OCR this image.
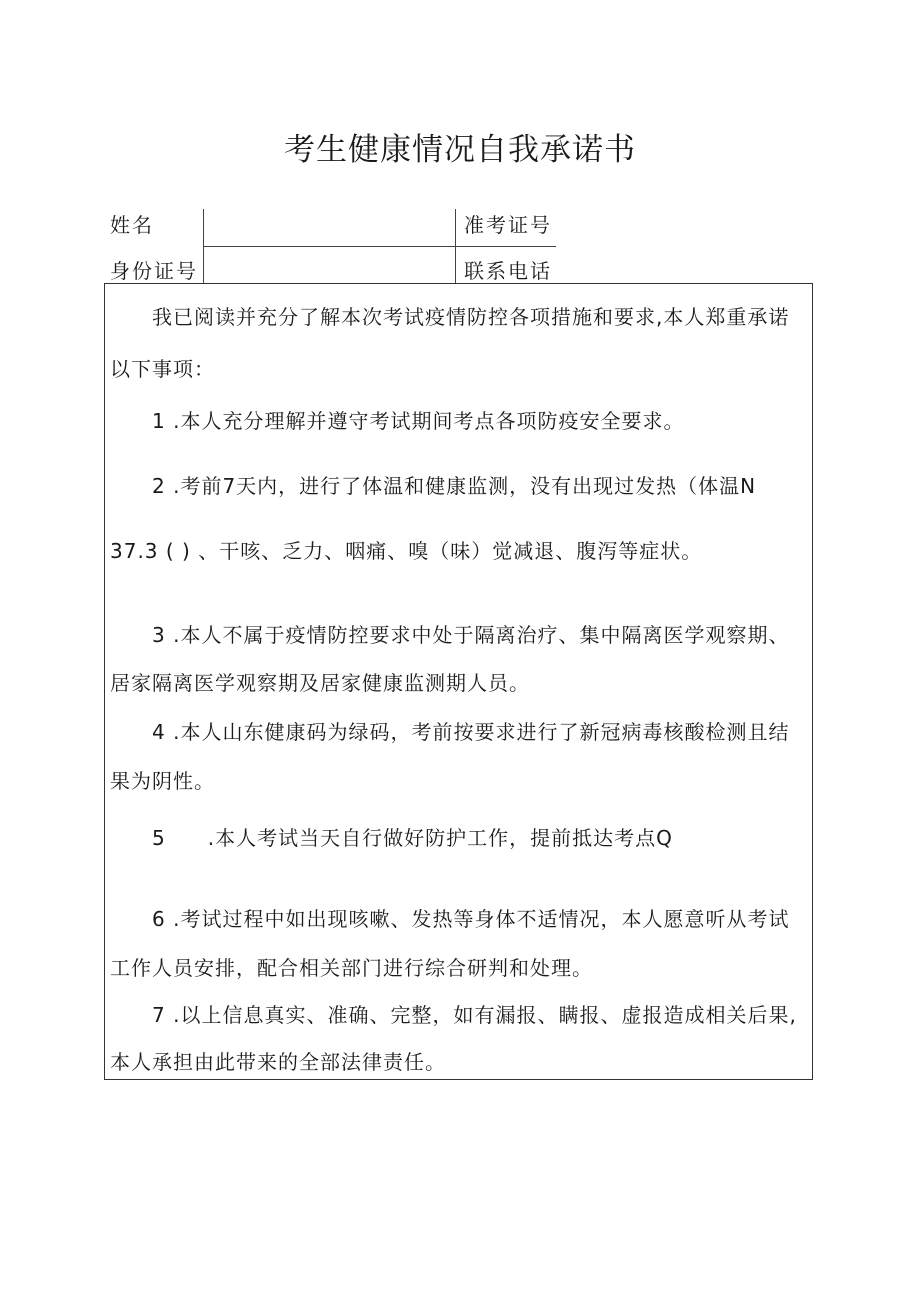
考生健康情况自我承诺书
姓名	准考证号
身份证号	联系电话
　　我已阅读并充分了解本次考试疫情防控各项措施和要求,本人郑重承诺
以下事项：
　　1 .本人充分理解并遵守考试期间考点各项防疫安全要求。
　　2 .考前7天内，进行了体温和健康监测，没有出现过发热（体温N
37.3 ( ) 、干咳、乏力、咽痛、嗅（味）觉减退、腹泻等症状。
　　3 .本人不属于疫情防控要求中处于隔离治疗、集中隔离医学观察期、
居家隔离医学观察期及居家健康监测期人员。
　　4 .本人山东健康码为绿码，考前按要求进行了新冠病毒核酸检测且结
果为阴性。
　　5　　.本人考试当天自行做好防护工作，提前抵达考点Q
　　6 .考试过程中如出现咳嗽、发热等身体不适情况，本人愿意听从考试
工作人员安排，配合相关部门进行综合研判和处理。
　　7 .以上信息真实、准确、完整，如有漏报、瞒报、虚报造成相关后果,
本人承担由此带来的全部法律责任。
